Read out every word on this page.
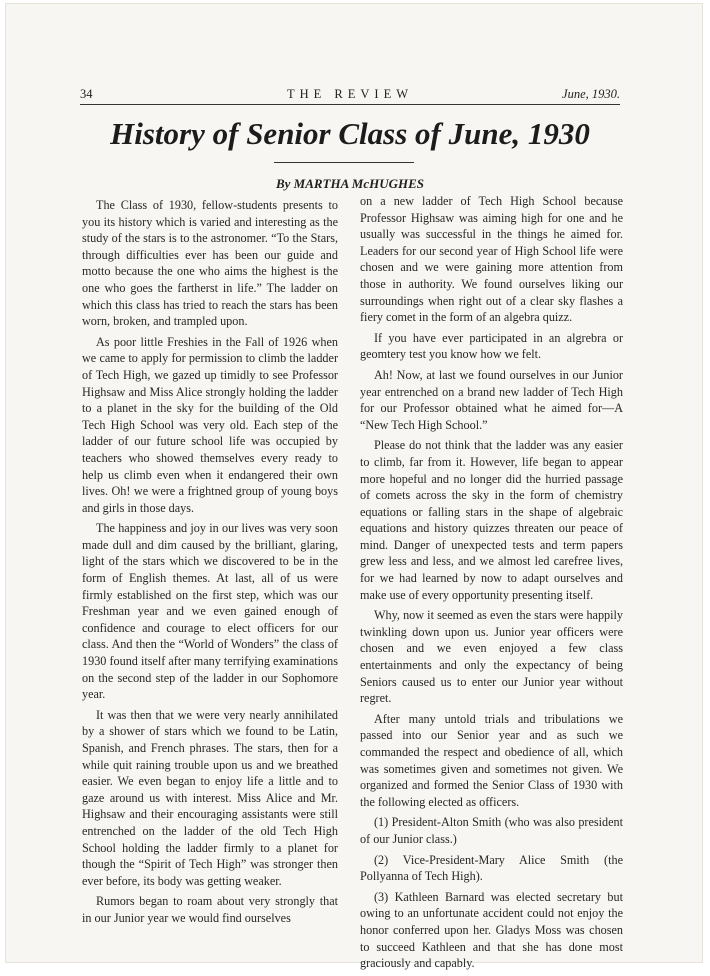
34	THE REVIEW	June, 1930.
History of Senior Class of June, 1930
By MARTHA McHUGHES

The Class of 1930, fellow-students presents to you its history which is varied and interesting as the study of the stars is to the astronomer. “To the Stars, through difficulties ever has been our guide and motto because the one who aims the highest is the one who goes the fartherst in life.” The ladder on which this class has tried to reach the stars has been worn, broken, and trampled upon.

As poor little Freshies in the Fall of 1926 when we came to apply for permission to climb the ladder of Tech High, we gazed up timidly to see Professor Highsaw and Miss Alice strongly holding the ladder to a planet in the sky for the building of the Old Tech High School was very old. Each step of the ladder of our future school life was occupied by teachers who showed themselves every ready to help us climb even when it endangered their own lives. Oh! we were a frightned group of young boys and girls in those days.

The happiness and joy in our lives was very soon made dull and dim caused by the brilliant, glaring, light of the stars which we discovered to be in the form of English themes. At last, all of us were firmly established on the first step, which was our Freshman year and we even gained enough of confidence and courage to elect officers for our class. And then the “World of Wonders” the class of 1930 found itself after many terrifying examinations on the second step of the ladder in our Sophomore year.

It was then that we were very nearly annihilated by a shower of stars which we found to be Latin, Spanish, and French phrases. The stars, then for a while quit raining trouble upon us and we breathed easier. We even began to enjoy life a little and to gaze around us with interest. Miss Alice and Mr. Highsaw and their encouraging assistants were still entrenched on the ladder of the old Tech High School holding the ladder firmly to a planet for though the “Spirit of Tech High” was stronger then ever before, its body was getting weaker.

Rumors began to roam about very strongly that in our Junior year we would find ourselves

on a new ladder of Tech High School because Professor Highsaw was aiming high for one and he usually was successful in the things he aimed for. Leaders for our second year of High School life were chosen and we were gaining more attention from those in authority. We found ourselves liking our surroundings when right out of a clear sky flashes a fiery comet in the form of an algebra quizz.

If you have ever participated in an algrebra or geomtery test you know how we felt.

Ah! Now, at last we found ourselves in our Junior year entrenched on a brand new ladder of Tech High for our Professor obtained what he aimed for—A “New Tech High School.”

Please do not think that the ladder was any easier to climb, far from it. However, life began to appear more hopeful and no longer did the hurried passage of comets across the sky in the form of chemistry equations or falling stars in the shape of algebraic equations and history quizzes threaten our peace of mind. Danger of unexpected tests and term papers grew less and less, and we almost led carefree lives, for we had learned by now to adapt ourselves and make use of every opportunity presenting itself.

Why, now it seemed as even the stars were happily twinkling down upon us. Junior year officers were chosen and we even enjoyed a few class entertainments and only the expectancy of being Seniors caused us to enter our Junior year without regret.

After many untold trials and tribulations we passed into our Senior year and as such we commanded the respect and obedience of all, which was sometimes given and sometimes not given. We organized and formed the Senior Class of 1930 with the following elected as officers.

(1) President-Alton Smith (who was also president of our Junior class.)

(2) Vice-President-Mary Alice Smith (the Pollyanna of Tech High).

(3) Kathleen Barnard was elected secretary but owing to an unfortunate accident could not enjoy the honor conferred upon her. Gladys Moss was chosen to succeed Kathleen and that she has done most graciously and capably.
